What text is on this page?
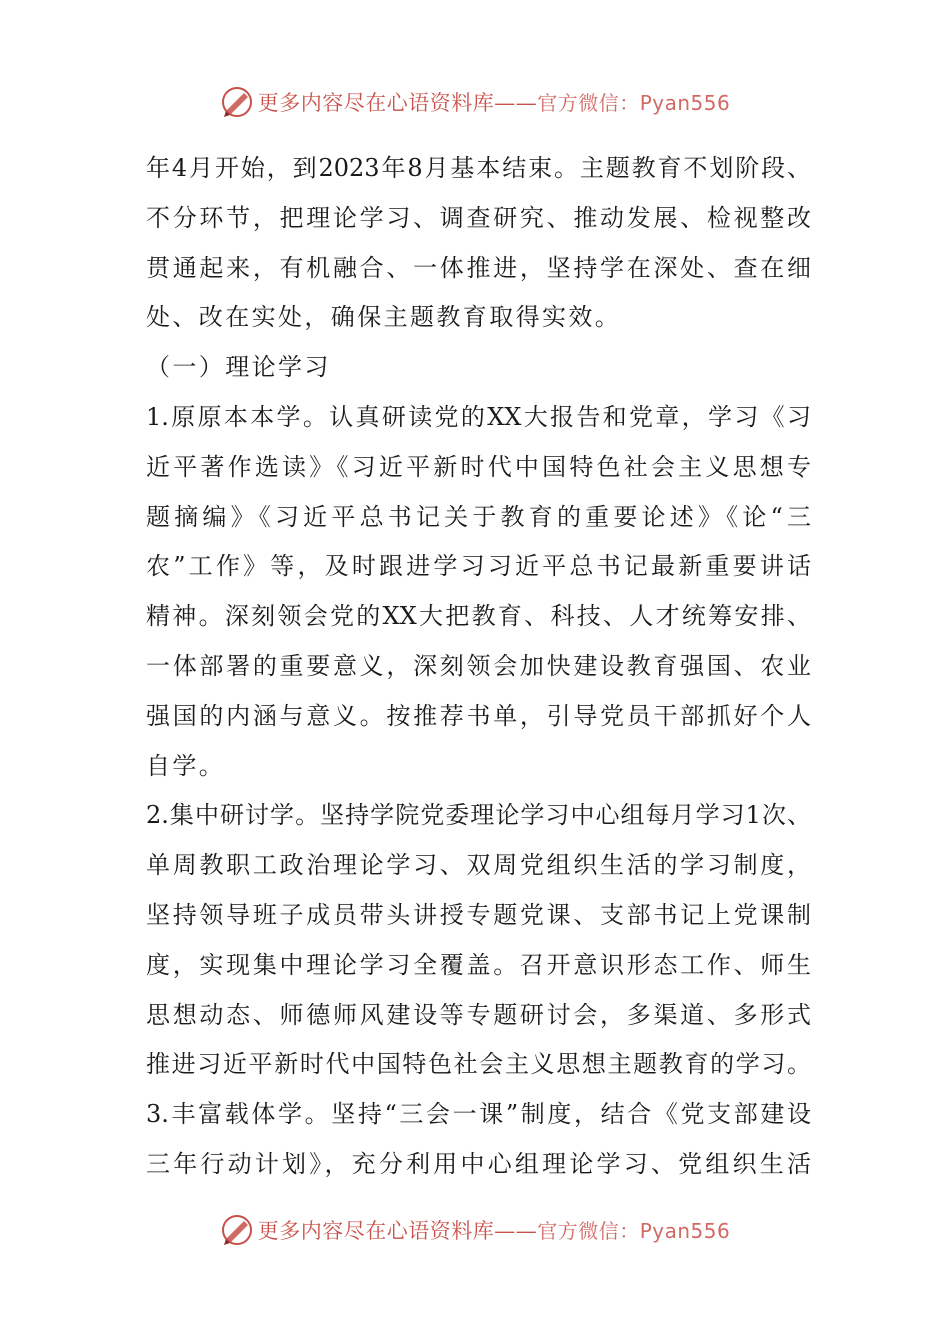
更多内容尽在心语资料库——官方微信：Pyan556
年4月开始，到2023年8月基本结束。主题教育不划阶段、
不分环节，把理论学习、调查研究、推动发展、检视整改
贯通起来，有机融合、一体推进，坚持学在深处、查在细
处、改在实处，确保主题教育取得实效。
（一）理论学习
1.原原本本学。认真研读党的XX大报告和党章，学习《习
近平著作选读》《习近平新时代中国特色社会主义思想专
题摘编》《习近平总书记关于教育的重要论述》《论“三
农”工作》等，及时跟进学习习近平总书记最新重要讲话
精神。深刻领会党的XX大把教育、科技、人才统筹安排、
一体部署的重要意义，深刻领会加快建设教育强国、农业
强国的内涵与意义。按推荐书单，引导党员干部抓好个人
自学。
2.集中研讨学。坚持学院党委理论学习中心组每月学习1次、
单周教职工政治理论学习、双周党组织生活的学习制度，
坚持领导班子成员带头讲授专题党课、支部书记上党课制
度，实现集中理论学习全覆盖。召开意识形态工作、师生
思想动态、师德师风建设等专题研讨会，多渠道、多形式
推进习近平新时代中国特色社会主义思想主题教育的学习。
3.丰富载体学。坚持“三会一课”制度，结合《党支部建设
三年行动计划》，充分利用中心组理论学习、党组织生活
更多内容尽在心语资料库——官方微信：Pyan556
